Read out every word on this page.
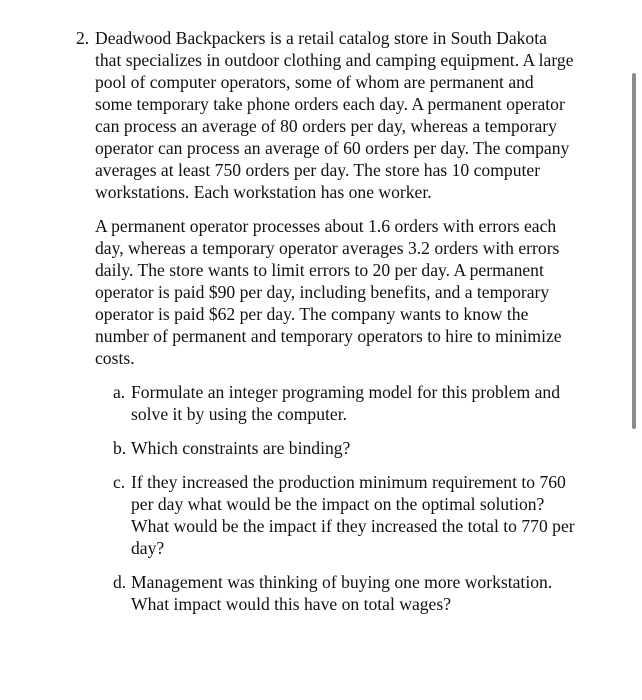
2. Deadwood Backpackers is a retail catalog store in South Dakota that specializes in outdoor clothing and camping equipment. A large pool of computer operators, some of whom are permanent and some temporary take phone orders each day. A permanent operator can process an average of 80 orders per day, whereas a temporary operator can process an average of 60 orders per day. The company averages at least 750 orders per day. The store has 10 computer workstations. Each workstation has one worker.

A permanent operator processes about 1.6 orders with errors each day, whereas a temporary operator averages 3.2 orders with errors daily. The store wants to limit errors to 20 per day. A permanent operator is paid $90 per day, including benefits, and a temporary operator is paid $62 per day. The company wants to know the number of permanent and temporary operators to hire to minimize costs.

a. Formulate an integer programing model for this problem and solve it by using the computer.
b. Which constraints are binding?
c. If they increased the production minimum requirement to 760 per day what would be the impact on the optimal solution? What would be the impact if they increased the total to 770 per day?
d. Management was thinking of buying one more workstation. What impact would this have on total wages?
